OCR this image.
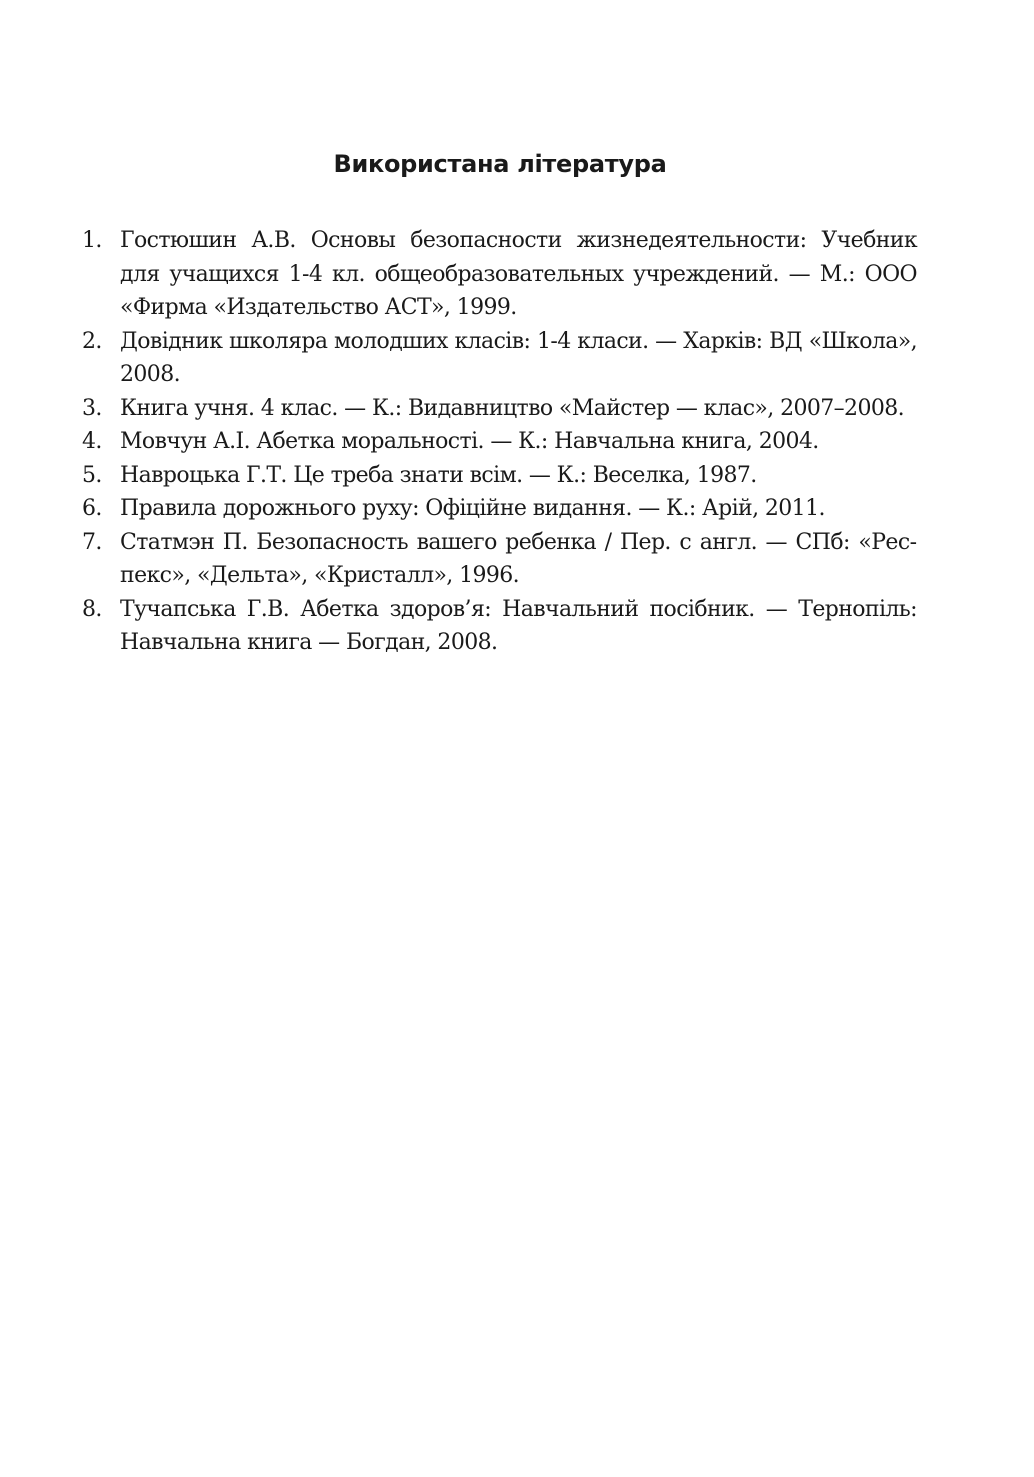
Використана література
1. Гостюшин А.В. Основы безопасности жизнедеятельности: Учебник для учащихся 1-4 кл. общеобразовательных учреждений. — М.: ООО «Фирма «Издательство АСТ», 1999.
2. Довідник школяра молодших класів: 1-4 класи. — Харків: ВД «Школа», 2008.
3. Книга учня. 4 клас. — К.: Видавництво «Майстер — клас», 2007–2008.
4. Мовчун А.І. Абетка моральності. — К.: Навчальна книга, 2004.
5. Навроцька Г.Т. Це треба знати всім. — К.: Веселка, 1987.
6. Правила дорожнього руху: Офіційне видання. — К.: Арій, 2011.
7. Статмэн П. Безопасность вашего ребенка / Пер. с англ. — СПб: «Респекс», «Дельта», «Кристалл», 1996.
8. Тучапська Г.В. Абетка здоров’я: Навчальний посібник. — Тернопіль: Навчальна книга — Богдан, 2008.
